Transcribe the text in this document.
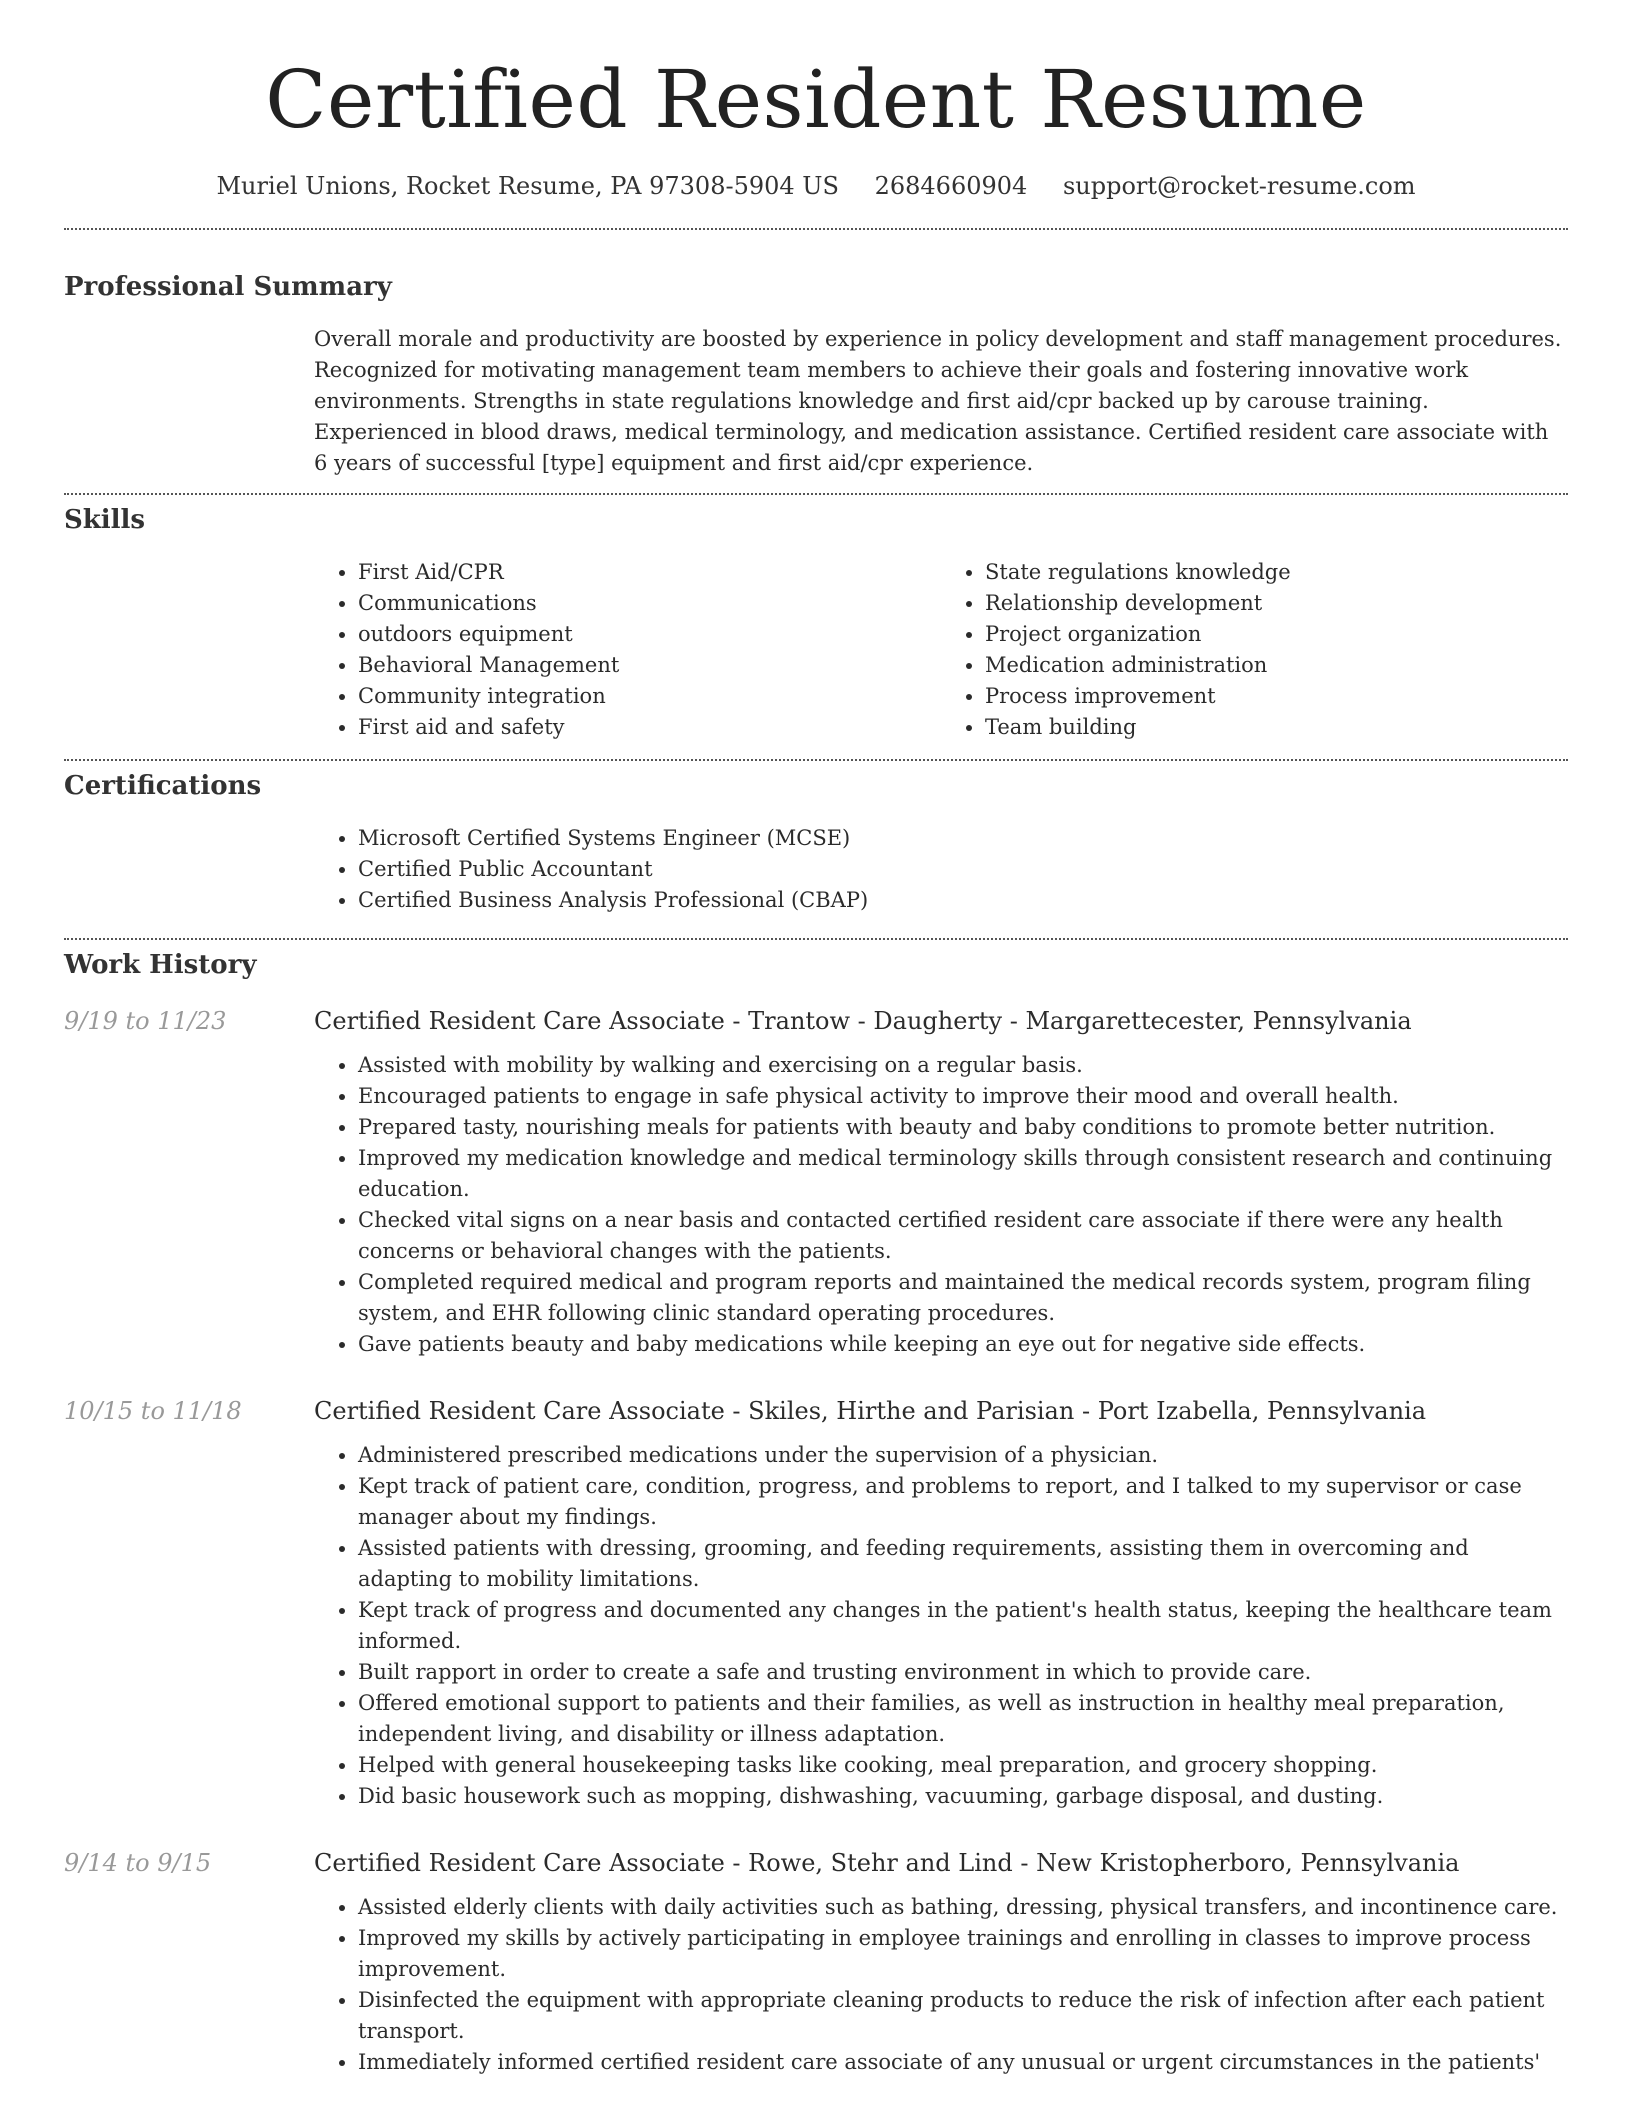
Certified Resident Resume
Muriel Unions, Rocket Resume, PA 97308-5904 US 2684660904 support@rocket-resume.com
Professional Summary
Overall morale and productivity are boosted by experience in policy development and staff management procedures. Recognized for motivating management team members to achieve their goals and fostering innovative work environments. Strengths in state regulations knowledge and first aid/cpr backed up by carouse training. Experienced in blood draws, medical terminology, and medication assistance. Certified resident care associate with 6 years of successful [type] equipment and first aid/cpr experience.
Skills
• First Aid/CPR
• Communications
• outdoors equipment
• Behavioral Management
• Community integration
• First aid and safety
• State regulations knowledge
• Relationship development
• Project organization
• Medication administration
• Process improvement
• Team building
Certifications
• Microsoft Certified Systems Engineer (MCSE)
• Certified Public Accountant
• Certified Business Analysis Professional (CBAP)
Work History
9/19 to 11/23	Certified Resident Care Associate - Trantow - Daugherty - Margarettecester, Pennsylvania
• Assisted with mobility by walking and exercising on a regular basis.
• Encouraged patients to engage in safe physical activity to improve their mood and overall health.
• Prepared tasty, nourishing meals for patients with beauty and baby conditions to promote better nutrition.
• Improved my medication knowledge and medical terminology skills through consistent research and continuing education.
• Checked vital signs on a near basis and contacted certified resident care associate if there were any health concerns or behavioral changes with the patients.
• Completed required medical and program reports and maintained the medical records system, program filing system, and EHR following clinic standard operating procedures.
• Gave patients beauty and baby medications while keeping an eye out for negative side effects.
10/15 to 11/18	Certified Resident Care Associate - Skiles, Hirthe and Parisian - Port Izabella, Pennsylvania
• Administered prescribed medications under the supervision of a physician.
• Kept track of patient care, condition, progress, and problems to report, and I talked to my supervisor or case manager about my findings.
• Assisted patients with dressing, grooming, and feeding requirements, assisting them in overcoming and adapting to mobility limitations.
• Kept track of progress and documented any changes in the patient's health status, keeping the healthcare team informed.
• Built rapport in order to create a safe and trusting environment in which to provide care.
• Offered emotional support to patients and their families, as well as instruction in healthy meal preparation, independent living, and disability or illness adaptation.
• Helped with general housekeeping tasks like cooking, meal preparation, and grocery shopping.
• Did basic housework such as mopping, dishwashing, vacuuming, garbage disposal, and dusting.
9/14 to 9/15	Certified Resident Care Associate - Rowe, Stehr and Lind - New Kristopherboro, Pennsylvania
• Assisted elderly clients with daily activities such as bathing, dressing, physical transfers, and incontinence care.
• Improved my skills by actively participating in employee trainings and enrolling in classes to improve process improvement.
• Disinfected the equipment with appropriate cleaning products to reduce the risk of infection after each patient transport.
• Immediately informed certified resident care associate of any unusual or urgent circumstances in the patients'
